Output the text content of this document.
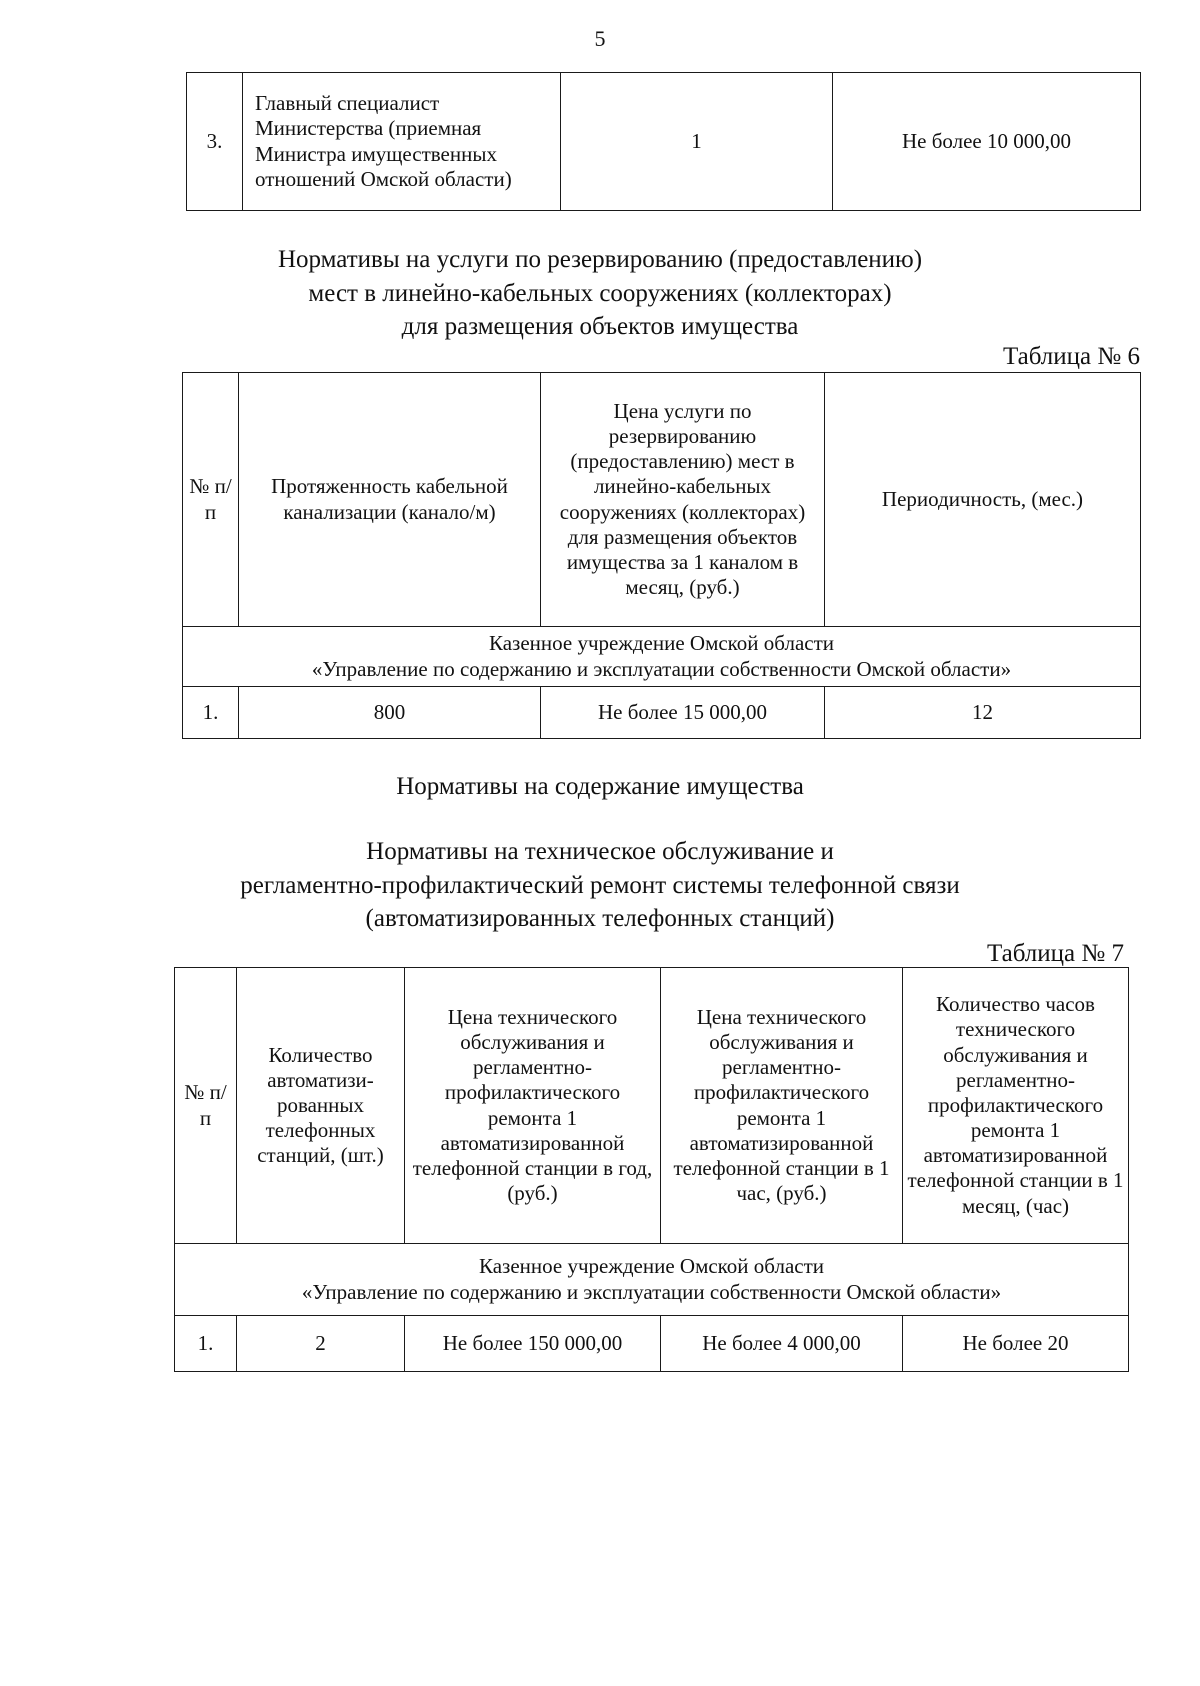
5
3.	Главный специалист Министерства (приемная Министра имущественных отношений Омской области)	1	Не более 10 000,00
Нормативы на услуги по резервированию (предоставлению)
мест в линейно-кабельных сооружениях (коллекторах)
для размещения объектов имущества
Таблица № 6
№ п/п	Протяженность кабельной канализации (канало/м)	Цена услуги по резервированию (предоставлению) мест в линейно-кабельных сооружениях (коллекторах) для размещения объектов имущества за 1 каналом в месяц, (руб.)	Периодичность, (мес.)

Казенное учреждение Омской области
«Управление по содержанию и эксплуатации собственности Омской области»			

1.	800	Не более 15 000,00	12
Нормативы на содержание имущества
Нормативы на техническое обслуживание и
регламентно-профилактический ремонт системы телефонной связи
(автоматизированных телефонных станций)
Таблица № 7
№ п/п	Количество автоматизи-рованных телефонных станций, (шт.)	Цена технического обслуживания и регламентно-профилактического ремонта 1 автоматизированной телефонной станции в год, (руб.)	Цена технического обслуживания и регламентно-профилактического ремонта 1 автоматизированной телефонной станции в 1 час, (руб.)	Количество часов технического обслуживания и регламентно-профилактического ремонта 1 автоматизированной телефонной станции в 1 месяц, (час)

Казенное учреждение Омской области
«Управление по содержанию и эксплуатации собственности Омской области»				

1.	2	Не более 150 000,00	Не более 4 000,00	Не более 20
